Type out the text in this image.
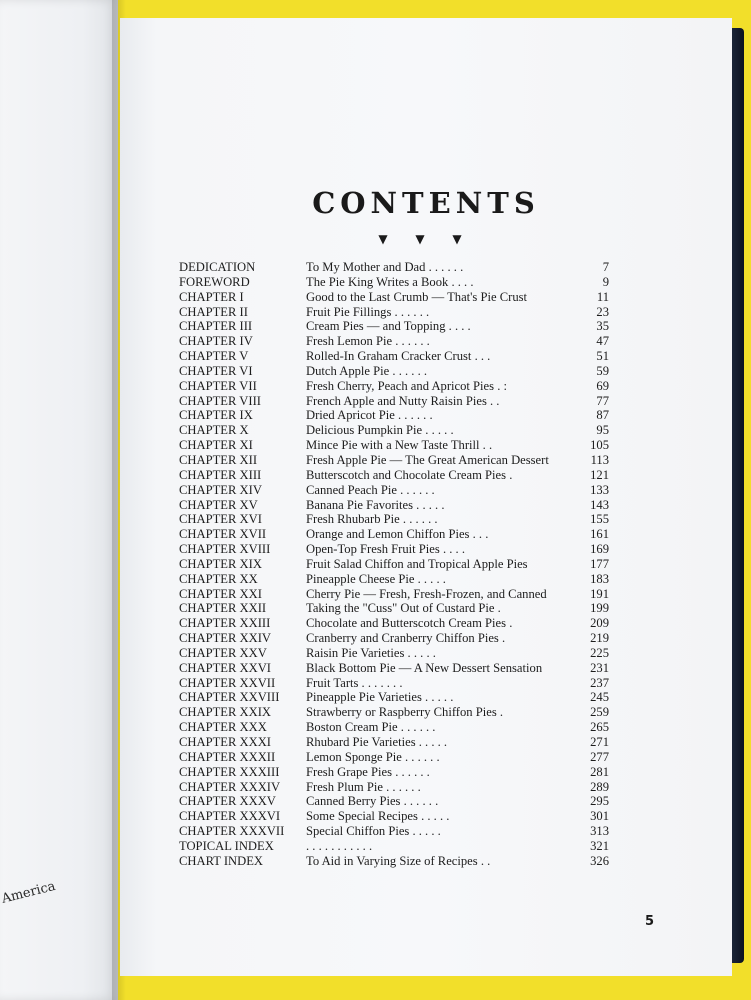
America
CONTENTS
▼ ▼ ▼
DEDICATION	To My Mother and Dad . . . . . .	7
FOREWORD	The Pie King Writes a Book . . . .	9
CHAPTER I	Good to the Last Crumb — That's Pie Crust	11
CHAPTER II	Fruit Pie Fillings . . . . . .	23
CHAPTER III	Cream Pies — and Topping . . . .	35
CHAPTER IV	Fresh Lemon Pie . . . . . .	47
CHAPTER V	Rolled-In Graham Cracker Crust . . .	51
CHAPTER VI	Dutch Apple Pie . . . . . .	59
CHAPTER VII	Fresh Cherry, Peach and Apricot Pies . :	69
CHAPTER VIII	French Apple and Nutty Raisin Pies . .	77
CHAPTER IX	Dried Apricot Pie . . . . . .	87
CHAPTER X	Delicious Pumpkin Pie . . . . .	95
CHAPTER XI	Mince Pie with a New Taste Thrill . .	105
CHAPTER XII	Fresh Apple Pie — The Great American Dessert	113
CHAPTER XIII	Butterscotch and Chocolate Cream Pies .	121
CHAPTER XIV	Canned Peach Pie . . . . . .	133
CHAPTER XV	Banana Pie Favorites . . . . .	143
CHAPTER XVI	Fresh Rhubarb Pie . . . . . .	155
CHAPTER XVII	Orange and Lemon Chiffon Pies . . .	161
CHAPTER XVIII	Open-Top Fresh Fruit Pies . . . .	169
CHAPTER XIX	Fruit Salad Chiffon and Tropical Apple Pies	177
CHAPTER XX	Pineapple Cheese Pie . . . . .	183
CHAPTER XXI	Cherry Pie — Fresh, Fresh-Frozen, and Canned	191
CHAPTER XXII	Taking the "Cuss" Out of Custard Pie .	199
CHAPTER XXIII	Chocolate and Butterscotch Cream Pies .	209
CHAPTER XXIV	Cranberry and Cranberry Chiffon Pies .	219
CHAPTER XXV	Raisin Pie Varieties . . . . .	225
CHAPTER XXVI	Black Bottom Pie — A New Dessert Sensation	231
CHAPTER XXVII Fruit Tarts . . . . . . .	237
CHAPTER XXVIII Pineapple Pie Varieties . . . . .	245
CHAPTER XXIX	Strawberry or Raspberry Chiffon Pies .	259
CHAPTER XXX	Boston Cream Pie . . . . . .	265
CHAPTER XXXI	Rhubard Pie Varieties . . . . .	271
CHAPTER XXXII Lemon Sponge Pie . . . . . .	277
CHAPTER XXXIII Fresh Grape Pies . . . . . .	281
CHAPTER XXXIV Fresh Plum Pie . . . . . .	289
CHAPTER XXXV Canned Berry Pies . . . . . .	295
CHAPTER XXXVI Some Special Recipes . . . . .	301
CHAPTER XXXVII Special Chiffon Pies . . . . .	313
TOPICAL INDEX	. . . . . . . . . . .	321
CHART INDEX	To Aid in Varying Size of Recipes . .	326
5
